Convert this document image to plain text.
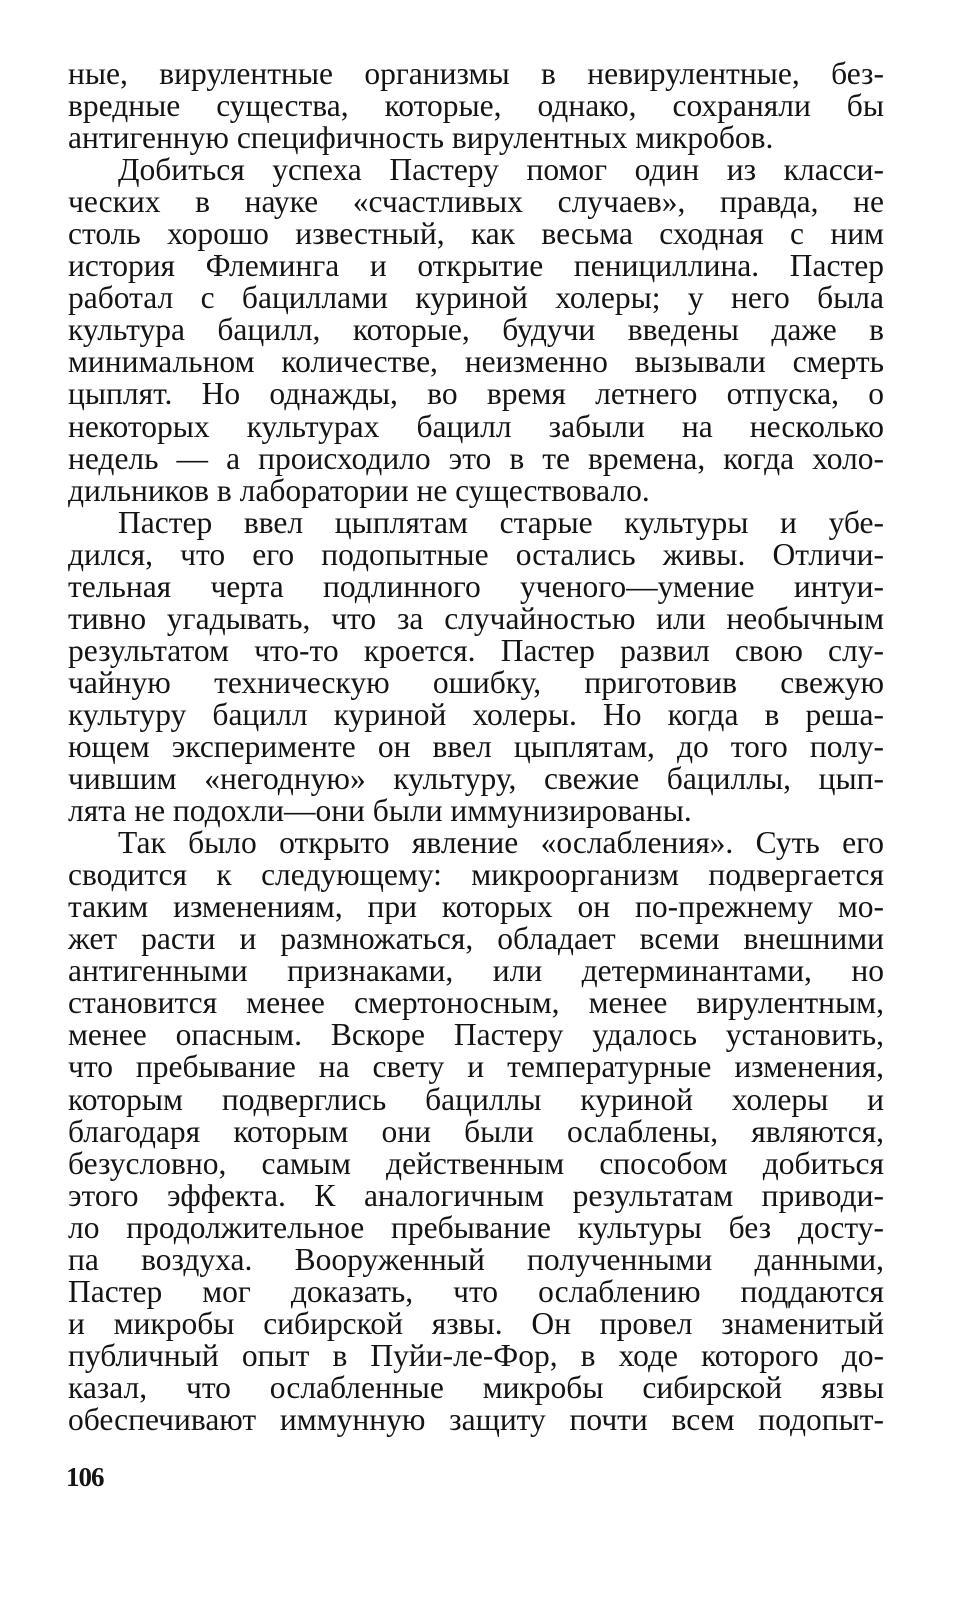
ные, вирулентные организмы в невирулентные, без-
вредные существа, которые, однако, сохраняли бы
антигенную специфичность вирулентных микробов.
Добиться успеха Пастеру помог один из класси-
ческих в науке «счастливых случаев», правда, не
столь хорошо известный, как весьма сходная с ним
история Флеминга и открытие пенициллина. Пастер
работал с бациллами куриной холеры; у него была
культура бацилл, которые, будучи введены даже в
минимальном количестве, неизменно вызывали смерть
цыплят. Но однажды, во время летнего отпуска, о
некоторых культурах бацилл забыли на несколько
недель — а происходило это в те времена, когда холо-
дильников в лаборатории не существовало.
Пастер ввел цыплятам старые культуры и убе-
дился, что его подопытные остались живы. Отличи-
тельная черта подлинного ученого—умение интуи-
тивно угадывать, что за случайностью или необычным
результатом что-то кроется. Пастер развил свою слу-
чайную техническую ошибку, приготовив свежую
культуру бацилл куриной холеры. Но когда в реша-
ющем эксперименте он ввел цыплятам, до того полу-
чившим «негодную» культуру, свежие бациллы, цып-
лята не подохли—они были иммунизированы.
Так было открыто явление «ослабления». Суть его
сводится к следующему: микроорганизм подвергается
таким изменениям, при которых он по-прежнему мо-
жет расти и размножаться, обладает всеми внешними
антигенными признаками, или детерминантами, но
становится менее смертоносным, менее вирулентным,
менее опасным. Вскоре Пастеру удалось установить,
что пребывание на свету и температурные изменения,
которым подверглись бациллы куриной холеры и
благодаря которым они были ослаблены, являются,
безусловно, самым действенным способом добиться
этого эффекта. К аналогичным результатам приводи-
ло продолжительное пребывание культуры без досту-
па воздуха. Вооруженный полученными данными,
Пастер мог доказать, что ослаблению поддаются
и микробы сибирской язвы. Он провел знаменитый
публичный опыт в Пуйи-ле-Фор, в ходе которого до-
казал, что ослабленные микробы сибирской язвы
обеспечивают иммунную защиту почти всем подопыт-
106
